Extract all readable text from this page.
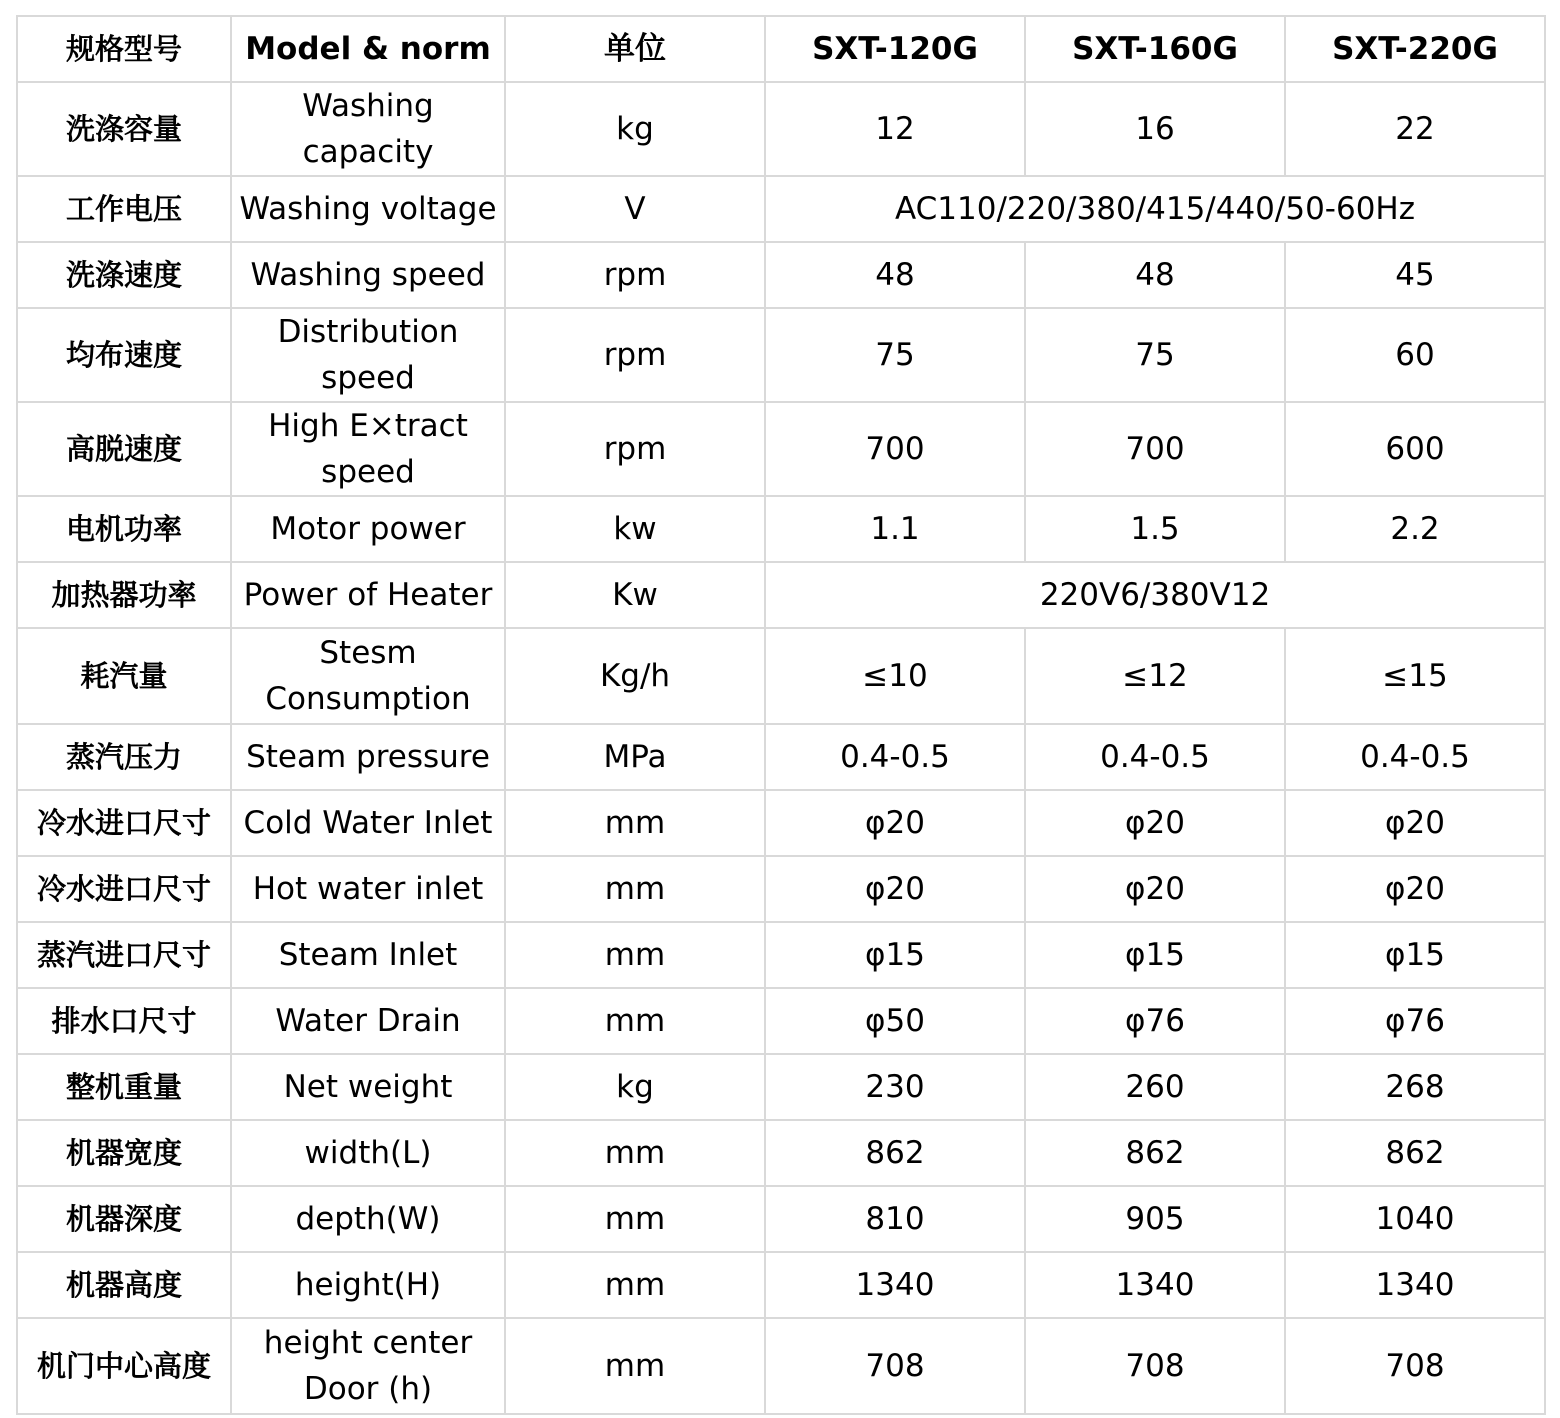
规格型号	Model & norm	单位	SXT-120G	SXT-160G	SXT-220G
洗涤容量	Washing capacity	kg	12	16	22
工作电压	Washing voltage	V	AC110/220/380/415/440/50-60Hz		
洗涤速度	Washing speed	rpm	48	48	45
均布速度	Distribution speed	rpm	75	75	60
高脱速度	High E×tract speed	rpm	700	700	600
电机功率	Motor power	kw	1.1	1.5	2.2
加热器功率	Power of Heater	Kw	220V6/380V12		
耗汽量	Stesm Consumption	Kg/h	≤10	≤12	≤15
蒸汽压力	Steam pressure	MPa	0.4-0.5	0.4-0.5	0.4-0.5
冷水进口尺寸	Cold Water Inlet	mm	φ20	φ20	φ20
冷水进口尺寸	Hot water inlet	mm	φ20	φ20	φ20
蒸汽进口尺寸	Steam Inlet	mm	φ15	φ15	φ15
排水口尺寸	Water Drain	mm	φ50	φ76	φ76
整机重量	Net weight	kg	230	260	268
机器宽度	width(L)	mm	862	862	862
机器深度	depth(W)	mm	810	905	1040
机器高度	height(H)	mm	1340	1340	1340
机门中心高度	height center Door (h)	mm	708	708	708
